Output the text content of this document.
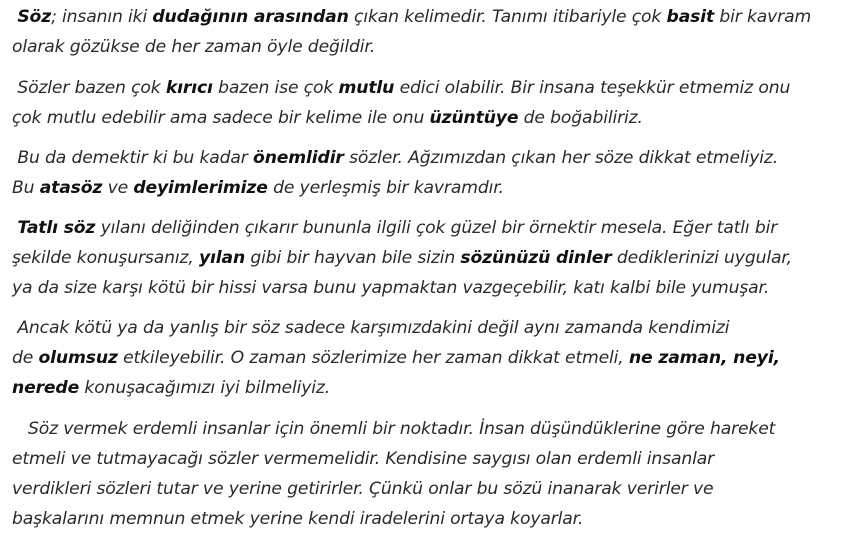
Söz; insanın iki dudağının arasından çıkan kelimedir. Tanımı itibariyle çok basit bir kavram
olarak gözükse de her zaman öyle değildir.

Sözler bazen çok kırıcı bazen ise çok mutlu edici olabilir. Bir insana teşekkür etmemiz onu
çok mutlu edebilir ama sadece bir kelime ile onu üzüntüye de boğabiliriz.

Bu da demektir ki bu kadar önemlidir sözler. Ağzımızdan çıkan her söze dikkat etmeliyiz.
Bu atasöz ve deyimlerimize de yerleşmiş bir kavramdır.

Tatlı söz yılanı deliğinden çıkarır bununla ilgili çok güzel bir örnektir mesela. Eğer tatlı bir
şekilde konuşursanız, yılan gibi bir hayvan bile sizin sözünüzü dinler dediklerinizi uygular,
ya da size karşı kötü bir hissi varsa bunu yapmaktan vazgeçebilir, katı kalbi bile yumuşar.

Ancak kötü ya da yanlış bir söz sadece karşımızdakini değil aynı zamanda kendimizi
de olumsuz etkileyebilir. O zaman sözlerimize her zaman dikkat etmeli, ne zaman, neyi,
nerede konuşacağımızı iyi bilmeliyiz.

Söz vermek erdemli insanlar için önemli bir noktadır. İnsan düşündüklerine göre hareket
etmeli ve tutmayacağı sözler vermemelidir. Kendisine saygısı olan erdemli insanlar
verdikleri sözleri tutar ve yerine getirirler. Çünkü onlar bu sözü inanarak verirler ve
başkalarını memnun etmek yerine kendi iradelerini ortaya koyarlar.
